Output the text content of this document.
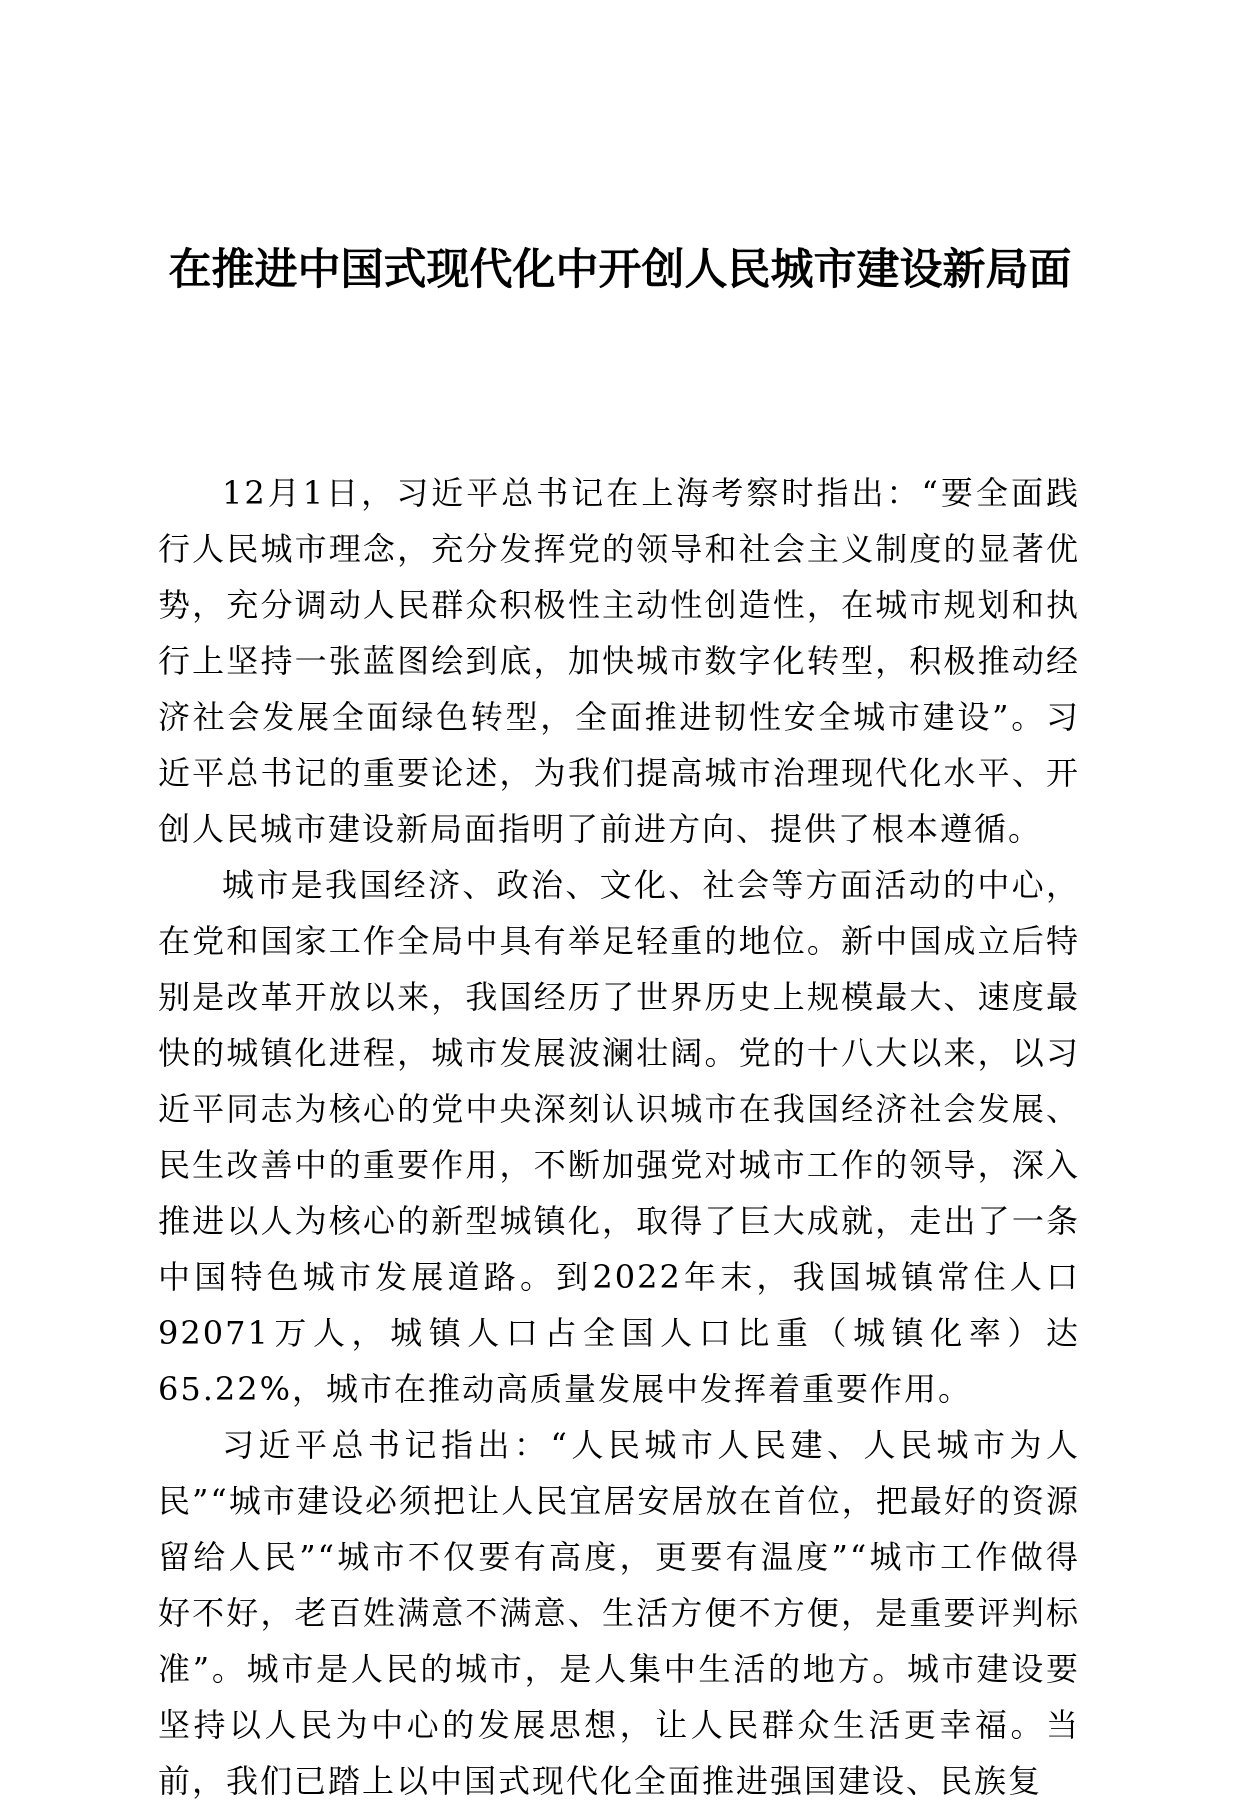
在推进中国式现代化中开创人民城市建设新局面

12月1日，习近平总书记在上海考察时指出：“要全面践行人民城市理念，充分发挥党的领导和社会主义制度的显著优势，充分调动人民群众积极性主动性创造性，在城市规划和执行上坚持一张蓝图绘到底，加快城市数字化转型，积极推动经济社会发展全面绿色转型，全面推进韧性安全城市建设”。习近平总书记的重要论述，为我们提高城市治理现代化水平、开创人民城市建设新局面指明了前进方向、提供了根本遵循。

城市是我国经济、政治、文化、社会等方面活动的中心，在党和国家工作全局中具有举足轻重的地位。新中国成立后特别是改革开放以来，我国经历了世界历史上规模最大、速度最快的城镇化进程，城市发展波澜壮阔。党的十八大以来，以习近平同志为核心的党中央深刻认识城市在我国经济社会发展、民生改善中的重要作用，不断加强党对城市工作的领导，深入推进以人为核心的新型城镇化，取得了巨大成就，走出了一条中国特色城市发展道路。到2022年末，我国城镇常住人口92071万人，城镇人口占全国人口比重（城镇化率）达65.22%，城市在推动高质量发展中发挥着重要作用。

习近平总书记指出：“人民城市人民建、人民城市为人民”“城市建设必须把让人民宜居安居放在首位，把最好的资源留给人民”“城市不仅要有高度，更要有温度”“城市工作做得好不好，老百姓满意不满意、生活方便不方便，是重要评判标准”。城市是人民的城市，是人集中生活的地方。城市建设要坚持以人民为中心的发展思想，让人民群众生活更幸福。当前，我们已踏上以中国式现代化全面推进强国建设、民族复
